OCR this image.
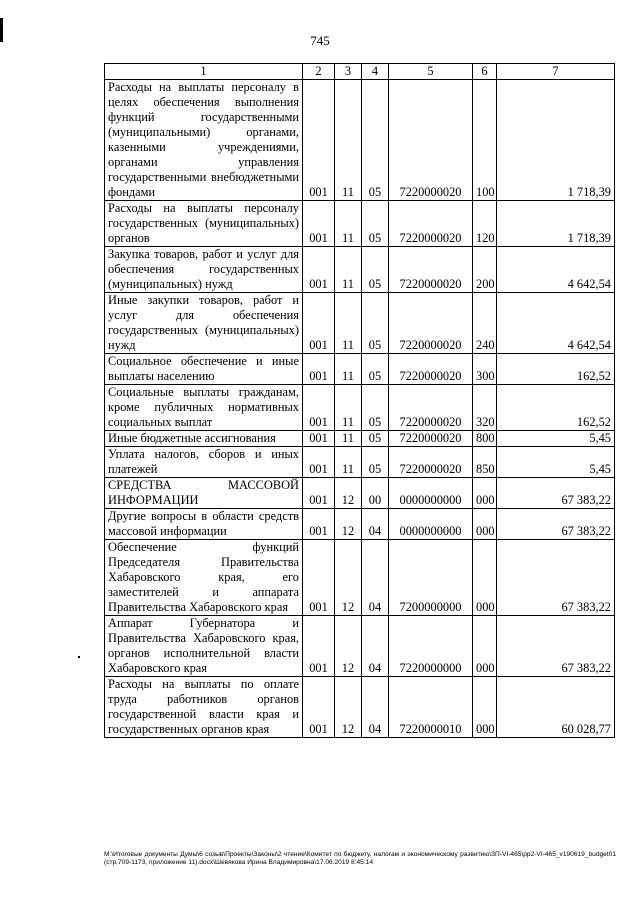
745
1	2	3	4	5	6	7
Расходы на выплаты персоналу в целях обеспечения выполнения функций государственными (муниципальными) органами, казенными учреждениями, органами управления государственными внебюджетными фондами	001	11	05	7220000020	100	1 718,39
Расходы на выплаты персоналу государственных (муниципальных) органов	001	11	05	7220000020	120	1 718,39
Закупка товаров, работ и услуг для обеспечения государственных (муниципальных) нужд	001	11	05	7220000020	200	4 642,54
Иные закупки товаров, работ и услуг для обеспечения государственных (муниципальных) нужд	001	11	05	7220000020	240	4 642,54
Социальное обеспечение и иные выплаты населению	001	11	05	7220000020	300	162,52
Социальные выплаты гражданам, кроме публичных нормативных социальных выплат	001	11	05	7220000020	320	162,52
Иные бюджетные ассигнования	001	11	05	7220000020	800	5,45
Уплата налогов, сборов и иных платежей	001	11	05	7220000020	850	5,45
СРЕДСТВА МАССОВОЙ ИНФОРМАЦИИ	001	12	00	0000000000	000	67 383,22
Другие вопросы в области средств массовой информации	001	12	04	0000000000	000	67 383,22
Обеспечение функций Председателя Правительства Хабаровского края, его заместителей и аппарата Правительства Хабаровского края	001	12	04	7200000000	000	67 383,22
Аппарат Губернатора и Правительства Хабаровского края, органов исполнительной власти Хабаровского края	001	12	04	7220000000	000	67 383,22
Расходы на выплаты по оплате труда работников органов государственной власти края и государственных органов края	001	12	04	7220000010	000	60 028,77
M:\Итоговые документы Думы\6 созыв\Проекты\Законы\2 чтение\Комитет по бюджету, налогам и экономическому развитию\ЗП-VI-465\рр2-VI-465_v190619_budget01 (стр.709-1173, приложение 11).docx\Шевякова Ирина Владимировна\17.06.2019 8:45:14
